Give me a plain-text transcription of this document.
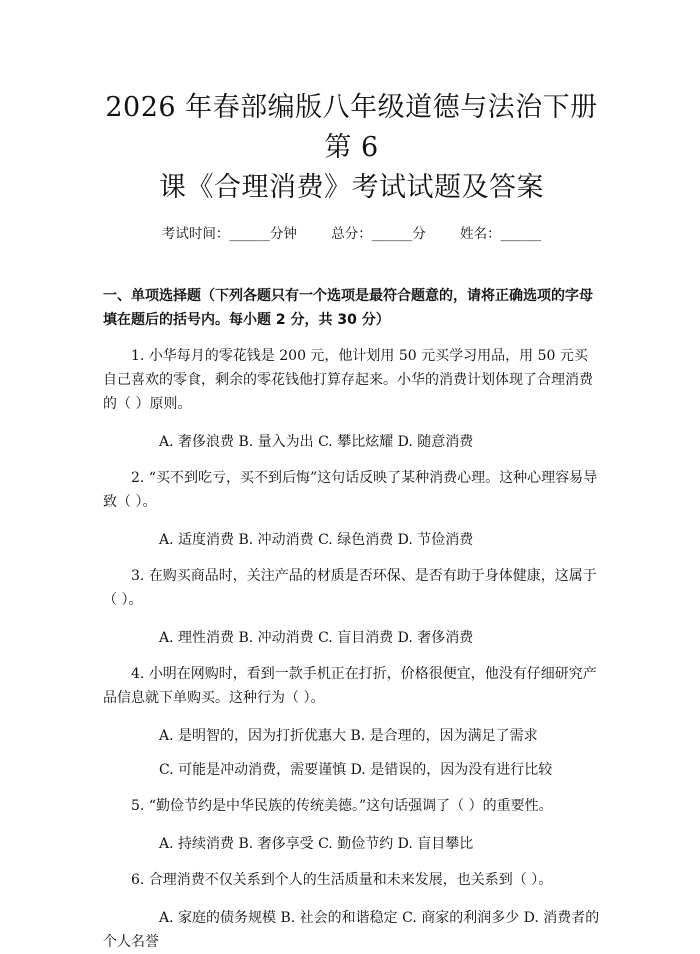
2026 年春部编版八年级道德与法治下册第 6
课《合理消费》考试试题及答案
考试时间：______分钟	总分：______分	姓名：______
一、单项选择题（下列各题只有一个选项是最符合题意的，请将正确选项的字母填在题后的括号内。每小题 2 分，共 30 分）
1. 小华每月的零花钱是 200 元，他计划用 50 元买学习用品，用 50 元买自己喜欢的零食，剩余的零花钱他打算存起来。小华的消费计划体现了合理消费的（ ）原则。
A. 奢侈浪费 B. 量入为出 C. 攀比炫耀 D. 随意消费
2. “买不到吃亏，买不到后悔”这句话反映了某种消费心理。这种心理容易导致（ ）。
A. 适度消费 B. 冲动消费 C. 绿色消费 D. 节俭消费
3. 在购买商品时，关注产品的材质是否环保、是否有助于身体健康，这属于（ ）。
A. 理性消费 B. 冲动消费 C. 盲目消费 D. 奢侈消费
4. 小明在网购时，看到一款手机正在打折，价格很便宜，他没有仔细研究产品信息就下单购买。这种行为（ ）。
A. 是明智的，因为打折优惠大 B. 是合理的，因为满足了需求
C. 可能是冲动消费，需要谨慎 D. 是错误的，因为没有进行比较
5. “勤俭节约是中华民族的传统美德。”这句话强调了（ ）的重要性。
A. 持续消费 B. 奢侈享受 C. 勤俭节约 D. 盲目攀比
6. 合理消费不仅关系到个人的生活质量和未来发展，也关系到（ ）。
A. 家庭的债务规模 B. 社会的和谐稳定 C. 商家的利润多少 D. 消费者的个人名誉
